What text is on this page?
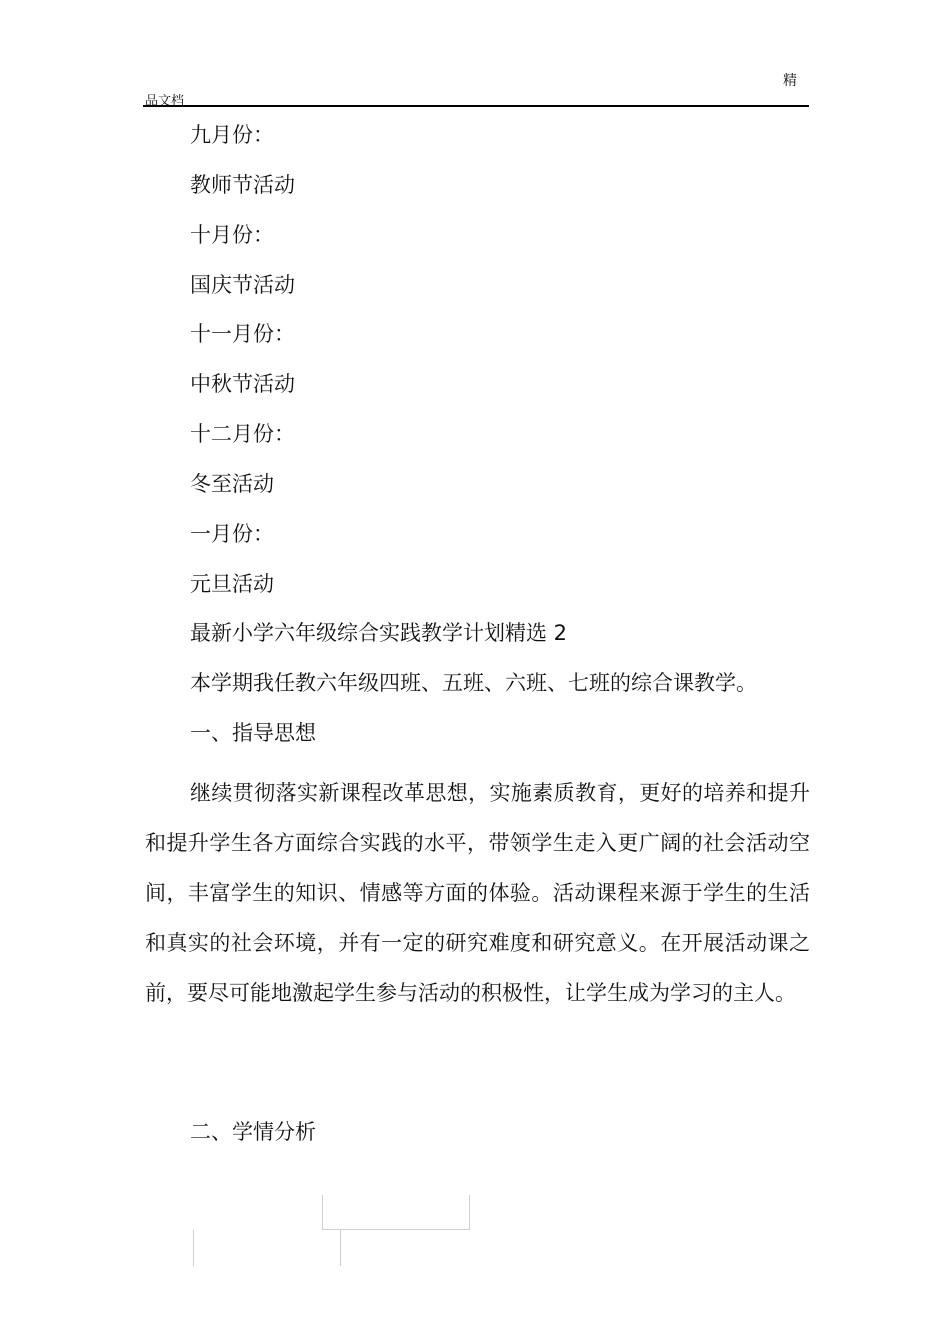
精
品文档
九月份：
教师节活动
十月份：
国庆节活动
十一月份：
中秋节活动
十二月份：
冬至活动
一月份：
元旦活动
最新小学六年级综合实践教学计划精选 2
本学期我任教六年级四班、五班、六班、七班的综合课教学。
一、指导思想

继续贯彻落实新课程改革思想，实施素质教育，更好的培养和提升和提升学生各方面综合实践的水平，带领学生走入更广阔的社会活动空间，丰富学生的知识、情感等方面的体验。活动课程来源于学生的生活和真实的社会环境，并有一定的研究难度和研究意义。在开展活动课之前，要尽可能地激起学生参与活动的积极性，让学生成为学习的主人。

二、学情分析
